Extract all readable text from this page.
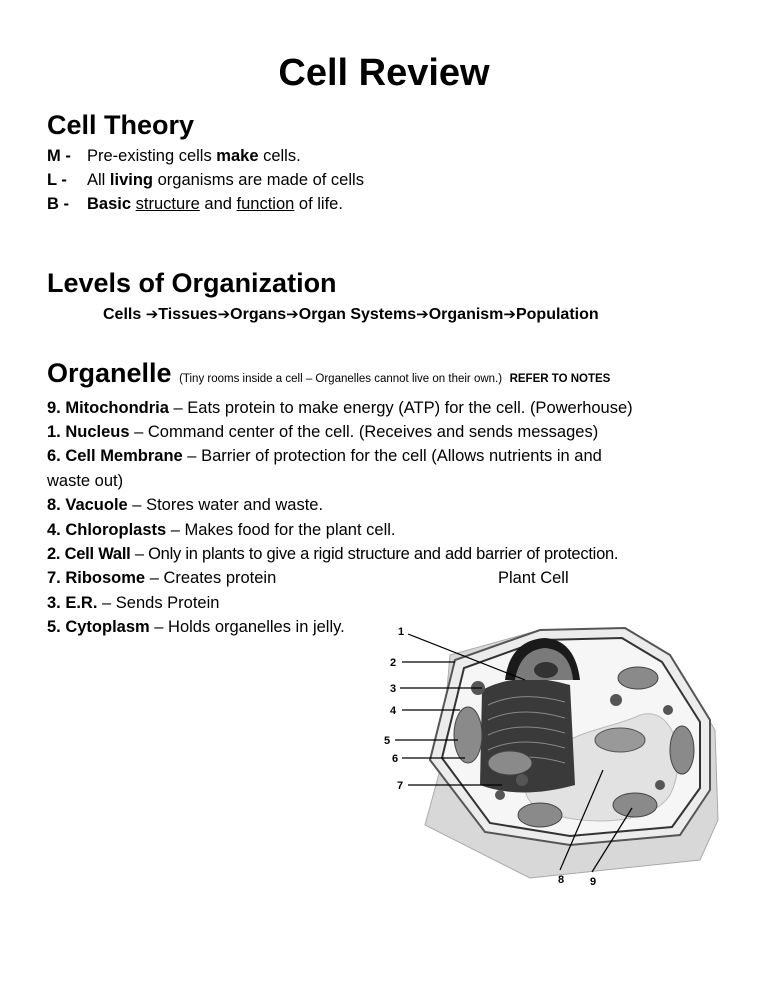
Cell Review
Cell Theory
M - Pre-existing cells make cells.
L - All living organisms are made of cells
B - Basic structure and function of life.
Levels of Organization
Cells ➔Tissues➔Organs➔Organ Systems➔Organism➔Population
Organelle (Tiny rooms inside a cell – Organelles cannot live on their own.) REFER TO NOTES
9. Mitochondria – Eats protein to make energy (ATP) for the cell. (Powerhouse)
1. Nucleus – Command center of the cell. (Receives and sends messages)
6. Cell Membrane – Barrier of protection for the cell (Allows nutrients in and
waste out)
8. Vacuole – Stores water and waste.
4. Chloroplasts – Makes food for the plant cell.
2. Cell Wall – Only in plants to give a rigid structure and add barrier of protection.
7. Ribosome – Creates protein
3. E.R. – Sends Protein
5. Cytoplasm – Holds organelles in jelly.
Plant Cell
1
2
3
4
5
6
7
8 9
